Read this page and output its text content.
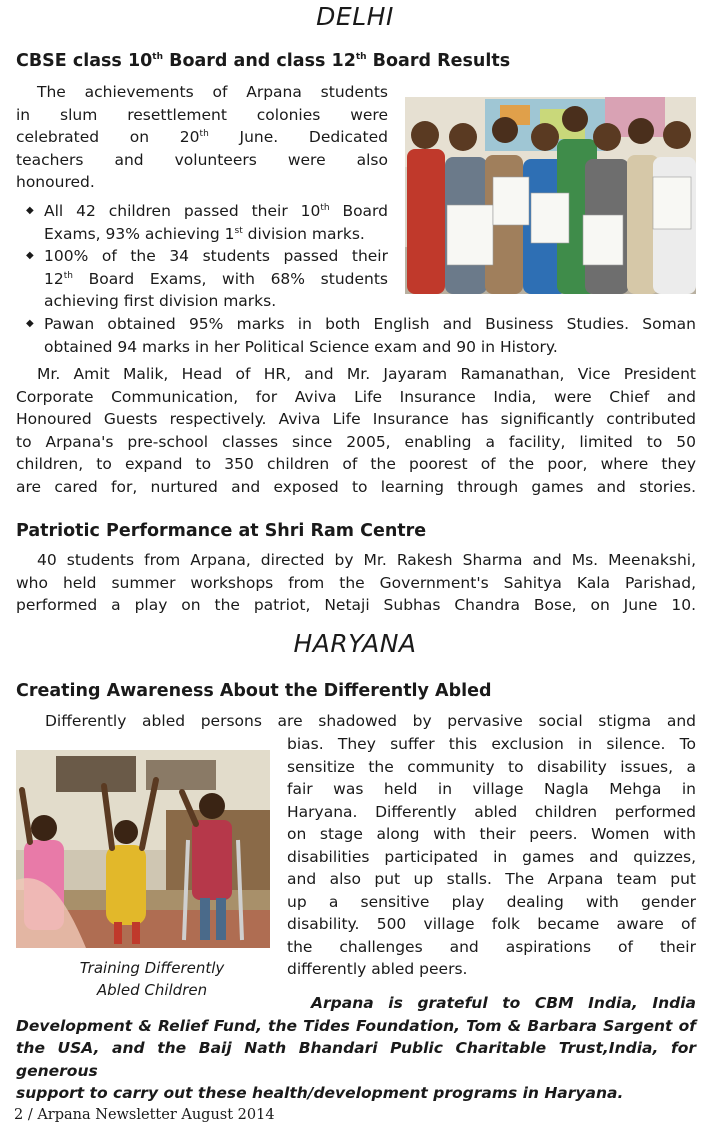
DELHI
CBSE class 10th Board and class 12th Board Results
The achievements of Arpana students
in slum resettlement colonies were
celebrated on 20th June. Dedicated
teachers and volunteers were also
honoured.
◆ All 42 children passed their 10th Board
Exams, 93% achieving 1st division marks.
◆ 100% of the 34 students passed their
12th Board Exams, with 68% students
achieving first division marks.
◆ Pawan obtained 95% marks in both English and Business Studies. Soman
obtained 94 marks in her Political Science exam and 90 in History.
Mr. Amit Malik, Head of HR, and Mr. Jayaram Ramanathan, Vice President
Corporate Communication, for Aviva Life Insurance India, were Chief and
Honoured Guests respectively. Aviva Life Insurance has significantly contributed
to Arpana's pre-school classes since 2005, enabling a facility, limited to 50
children, to expand to 350 children of the poorest of the poor, where they
are cared for, nurtured and exposed to learning through games and stories.
Patriotic Performance at Shri Ram Centre
40 students from Arpana, directed by Mr. Rakesh Sharma and Ms. Meenakshi,
who held summer workshops from the Government's Sahitya Kala Parishad,
performed a play on the patriot, Netaji Subhas Chandra Bose, on June 10.
HARYANA
Creating Awareness About the Differently Abled
Differently abled persons are shadowed by pervasive social stigma and
bias. They suffer this exclusion in silence. To
sensitize the community to disability issues, a
fair was held in village Nagla Mehga in
Haryana. Differently abled children performed
on stage along with their peers. Women with
disabilities participated in games and quizzes,
and also put up stalls. The Arpana team put
up a sensitive play dealing with gender
disability. 500 village folk became aware of
the challenges and aspirations of their
differently abled peers.
Training Differently
Abled Children
Arpana is grateful to CBM India, India
Development & Relief Fund, the Tides Foundation, Tom & Barbara Sargent of
the USA, and the Baij Nath Bhandari Public Charitable Trust,India, for generous
support to carry out these health/development programs in Haryana.
2 / Arpana Newsletter August 2014
